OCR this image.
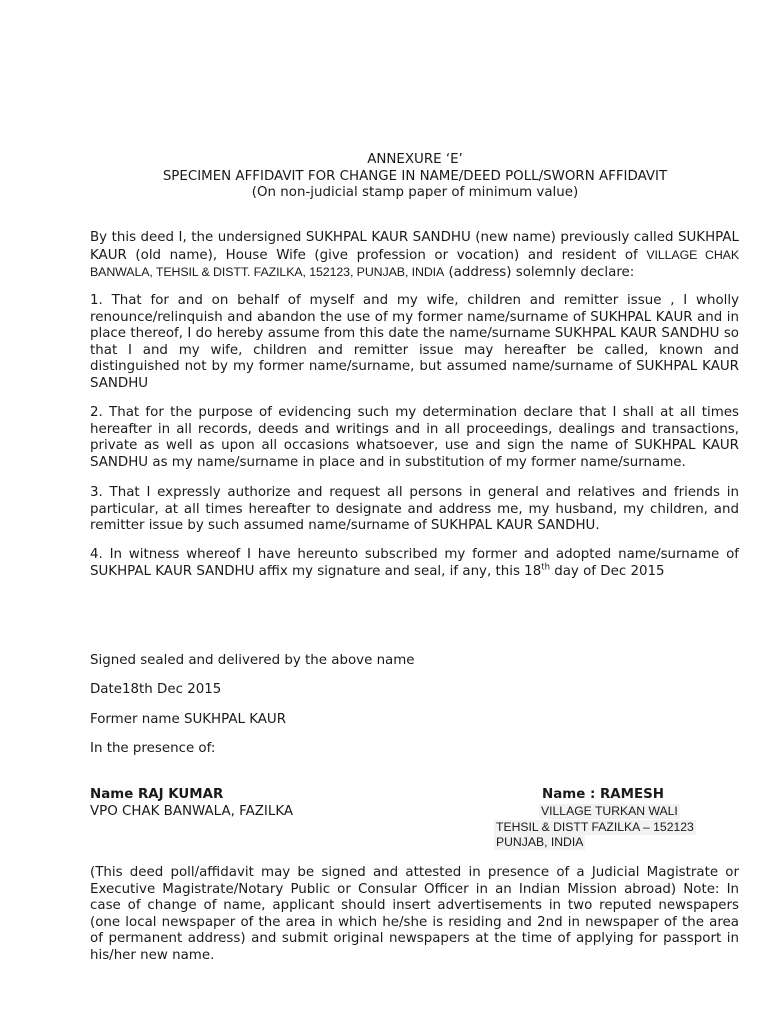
ANNEXURE ‘E’
SPECIMEN AFFIDAVIT FOR CHANGE IN NAME/DEED POLL/SWORN AFFIDAVIT
(On non-judicial stamp paper of minimum value)
By this deed I, the undersigned SUKHPAL KAUR SANDHU (new name) previously called SUKHPAL KAUR (old name), House Wife (give profession or vocation) and resident of VILLAGE CHAK BANWALA, TEHSIL & DISTT. FAZILKA, 152123, PUNJAB, INDIA (address) solemnly declare:
1. That for and on behalf of myself and my wife, children and remitter issue , I wholly renounce/relinquish and abandon the use of my former name/surname of SUKHPAL KAUR and in place thereof, I do hereby assume from this date the name/surname SUKHPAL KAUR SANDHU so that I and my wife, children and remitter issue may hereafter be called, known and distinguished not by my former name/surname, but assumed name/surname of SUKHPAL KAUR SANDHU
2. That for the purpose of evidencing such my determination declare that I shall at all times hereafter in all records, deeds and writings and in all proceedings, dealings and transactions, private as well as upon all occasions whatsoever, use and sign the name of SUKHPAL KAUR SANDHU as my name/surname in place and in substitution of my former name/surname.
3. That I expressly authorize and request all persons in general and relatives and friends in particular, at all times hereafter to designate and address me, my husband, my children, and remitter issue by such assumed name/surname of SUKHPAL KAUR SANDHU.
4. In witness whereof I have hereunto subscribed my former and adopted name/surname of SUKHPAL KAUR SANDHU affix my signature and seal, if any, this 18th day of Dec 2015
Signed sealed and delivered by the above name
Date18th Dec 2015
Former name SUKHPAL KAUR
In the presence of:
Name RAJ KUMAR
VPO CHAK BANWALA, FAZILKA
Name : RAMESH
VILLAGE TURKAN WALI
TEHSIL & DISTT FAZILKA – 152123
PUNJAB, INDIA
(This deed poll/affidavit may be signed and attested in presence of a Judicial Magistrate or Executive Magistrate/Notary Public or Consular Officer in an Indian Mission abroad) Note: In case of change of name, applicant should insert advertisements in two reputed newspapers (one local newspaper of the area in which he/she is residing and 2nd in newspaper of the area of permanent address) and submit original newspapers at the time of applying for passport in his/her new name.
